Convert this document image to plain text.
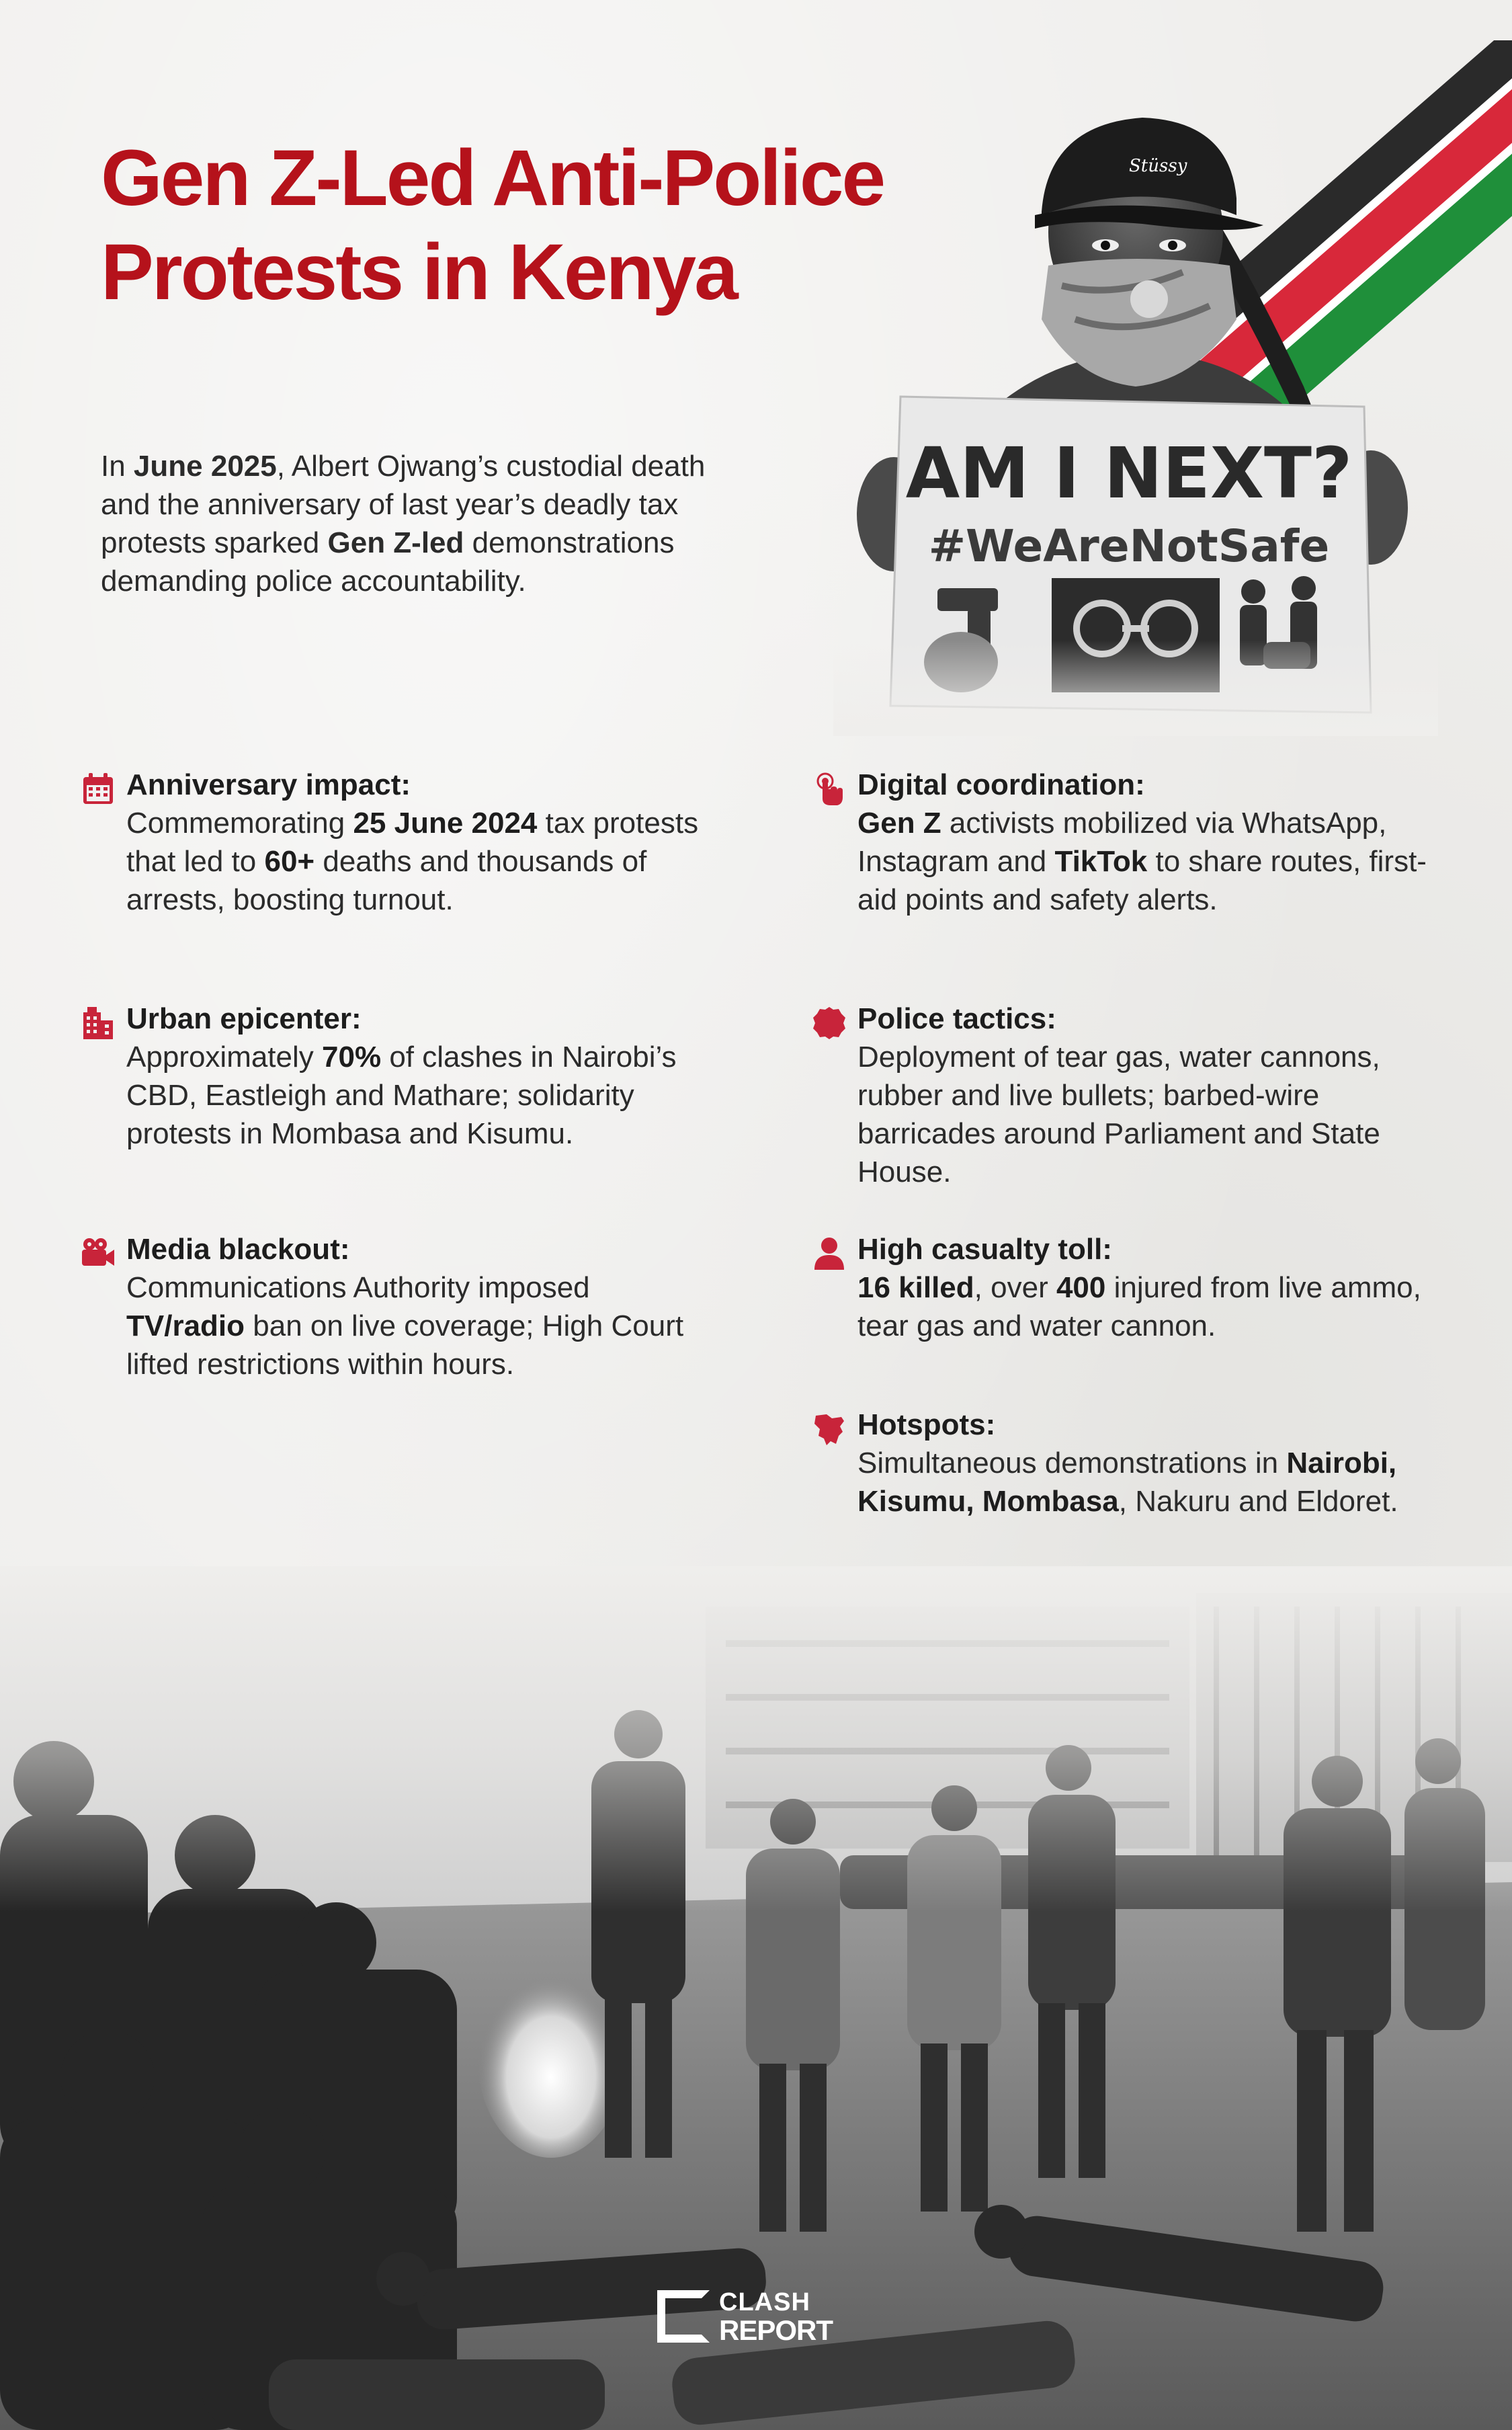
Gen Z-Led Anti-Police
Protests in Kenya

In June 2025, Albert Ojwang’s custodial death and the anniversary of last year’s deadly tax protests sparked Gen Z-led demonstrations demanding police accountability.

Anniversary impact:
Commemorating 25 June 2024 tax protests that led to 60+ deaths and thousands of arrests, boosting turnout.
Urban epicenter:
Approximately 70% of clashes in Nairobi’s CBD, Eastleigh and Mathare; solidarity protests in Mombasa and Kisumu.
Media blackout:
Communications Authority imposed TV/radio ban on live coverage; High Court lifted restrictions within hours.
Digital coordination:
Gen Z activists mobilized via WhatsApp, Instagram and TikTok to share routes, first-aid points and safety alerts.
Police tactics:
Deployment of tear gas, water cannons, rubber and live bullets; barbed-wire barricades around Parliament and State House.
High casualty toll:
16 killed, over 400 injured from live ammo, tear gas and water cannon.
Hotspots:
Simultaneous demonstrations in Nairobi, Kisumu, Mombasa, Nakuru and Eldoret.
CLASH
REPORT
